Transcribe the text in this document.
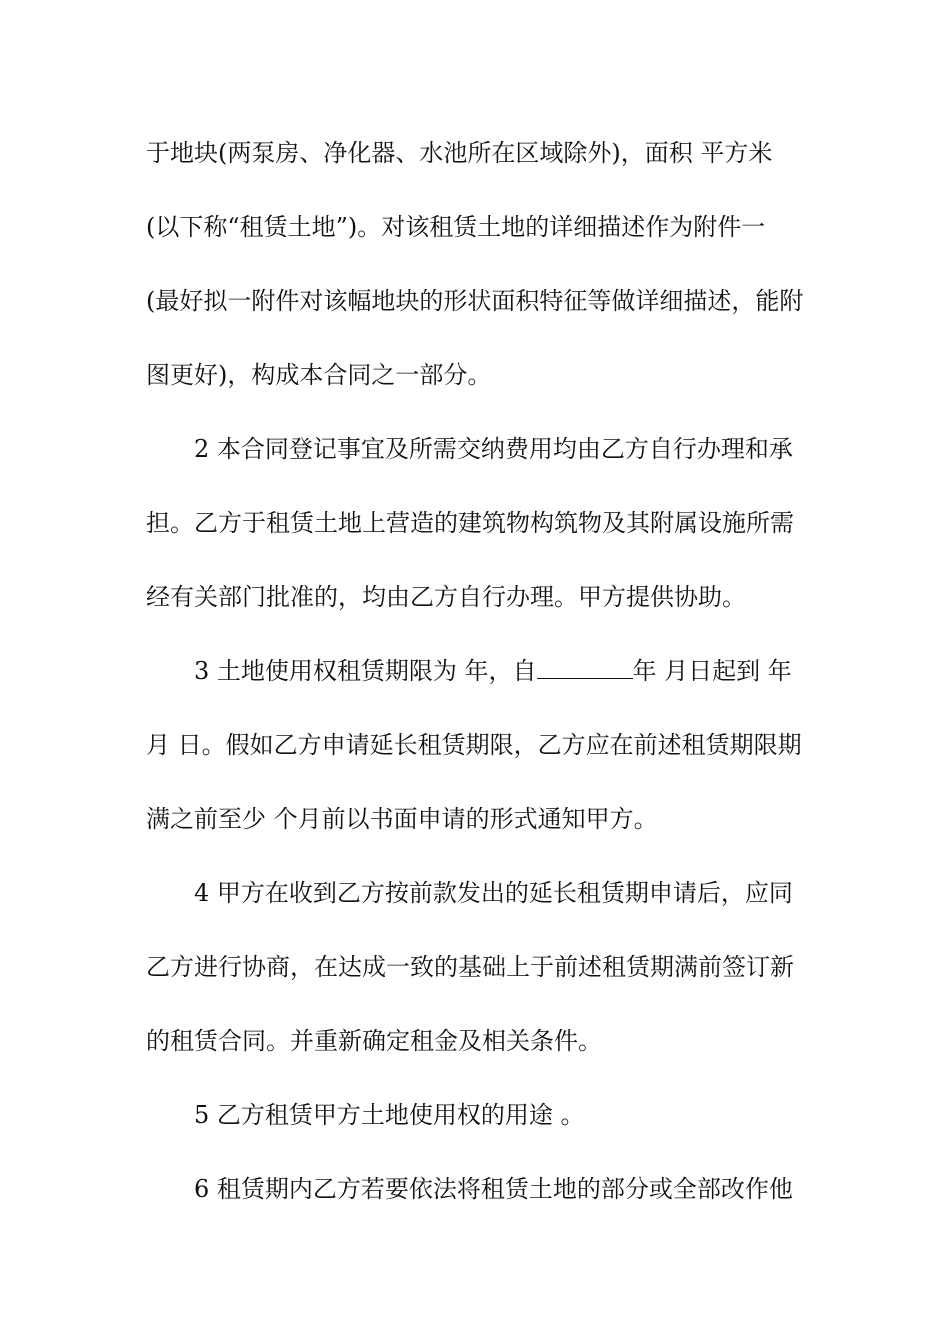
于地块(两泵房、净化器、水池所在区域除外)，面积 平方米
(以下称“租赁土地”)。对该租赁土地的详细描述作为附件一
(最好拟一附件对该幅地块的形状面积特征等做详细描述，能附
图更好)，构成本合同之一部分。
2 本合同登记事宜及所需交纳费用均由乙方自行办理和承
担。乙方于租赁土地上营造的建筑物构筑物及其附属设施所需
经有关部门批准的，均由乙方自行办理。甲方提供协助。
3 土地使用权租赁期限为 年，自	年 月日起到 年
月 日。假如乙方申请延长租赁期限，乙方应在前述租赁期限期
满之前至少 个月前以书面申请的形式通知甲方。
4 甲方在收到乙方按前款发出的延长租赁期申请后，应同
乙方进行协商，在达成一致的基础上于前述租赁期满前签订新
的租赁合同。并重新确定租金及相关条件。
5 乙方租赁甲方土地使用权的用途 。
6 租赁期内乙方若要依法将租赁土地的部分或全部改作他
